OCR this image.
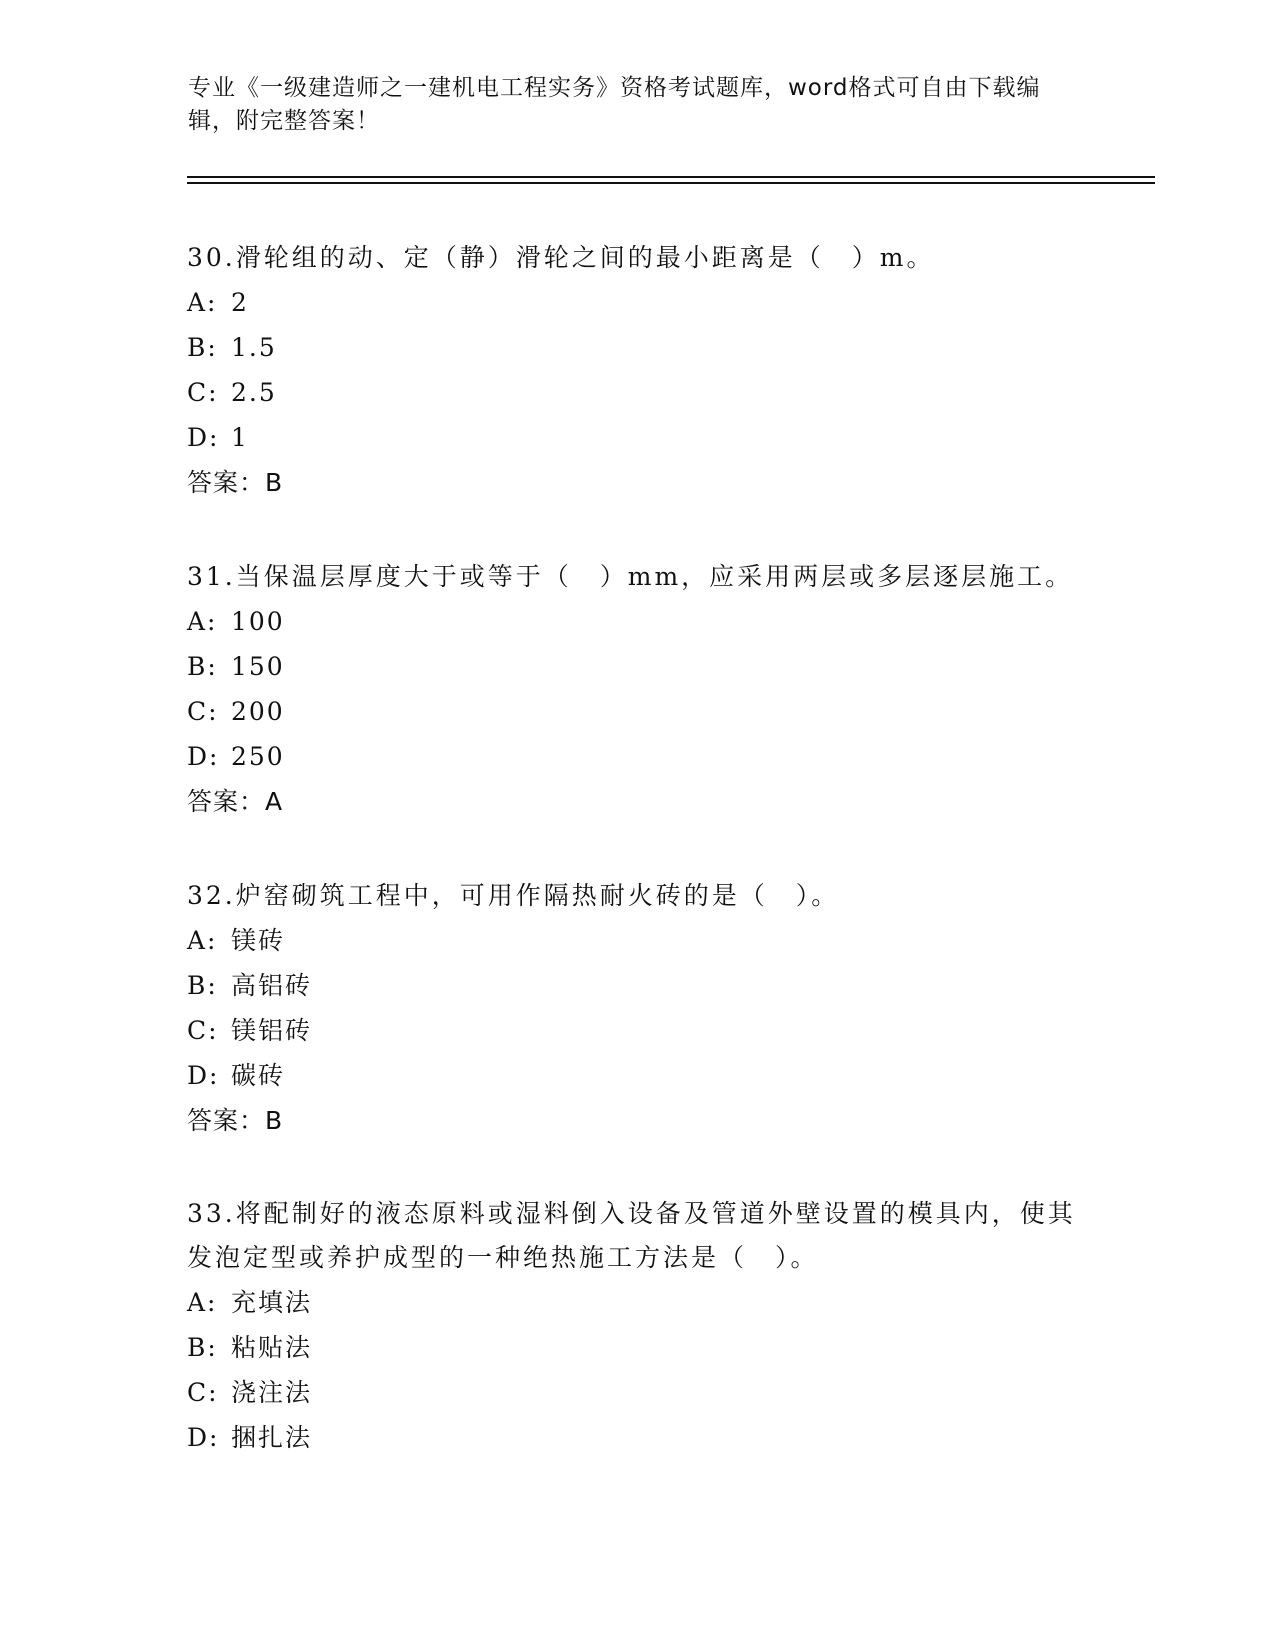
专业《一级建造师之一建机电工程实务》资格考试题库，word格式可自由下载编辑，附完整答案！
30.滑轮组的动、定（静）滑轮之间的最小距离是（　）m。
A: 2
B: 1.5
C: 2.5
D: 1
答案：B
31.当保温层厚度大于或等于（　）mm，应采用两层或多层逐层施工。
A: 100
B: 150
C: 200
D: 250
答案：A
32.炉窑砌筑工程中，可用作隔热耐火砖的是（　）。
A: 镁砖
B: 高铝砖
C: 镁铝砖
D: 碳砖
答案：B
33.将配制好的液态原料或湿料倒入设备及管道外壁设置的模具内，使其发泡定型或养护成型的一种绝热施工方法是（　）。
A: 充填法
B: 粘贴法
C: 浇注法
D: 捆扎法
